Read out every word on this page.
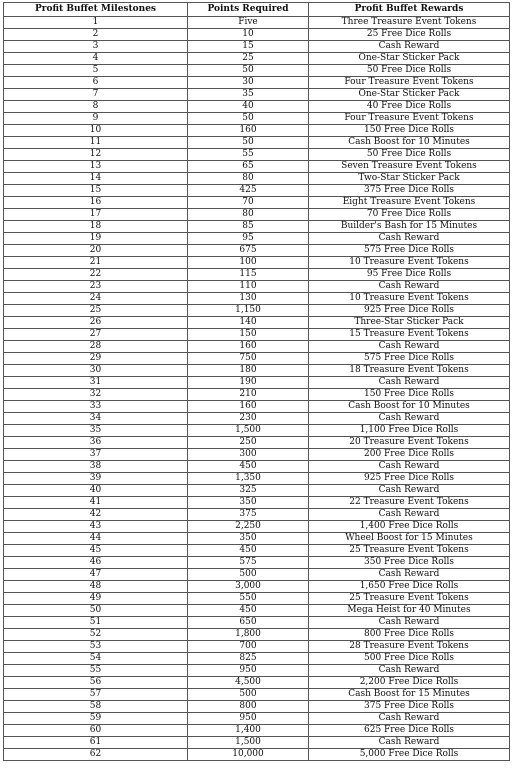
Profit Buffet Milestones	Points Required	Profit Buffet Rewards
1	Five	Three Treasure Event Tokens
2	10	25 Free Dice Rolls
3	15	Cash Reward
4	25	One-Star Sticker Pack
5	50	50 Free Dice Rolls
6	30	Four Treasure Event Tokens
7	35	One-Star Sticker Pack
8	40	40 Free Dice Rolls
9	50	Four Treasure Event Tokens
10	160	150 Free Dice Rolls
11	50	Cash Boost for 10 Minutes
12	55	50 Free Dice Rolls
13	65	Seven Treasure Event Tokens
14	80	Two-Star Sticker Pack
15	425	375 Free Dice Rolls
16	70	Eight Treasure Event Tokens
17	80	70 Free Dice Rolls
18	85	Builder's Bash for 15 Minutes
19	95	Cash Reward
20	675	575 Free Dice Rolls
21	100	10 Treasure Event Tokens
22	115	95 Free Dice Rolls
23	110	Cash Reward
24	130	10 Treasure Event Tokens
25	1,150	925 Free Dice Rolls
26	140	Three-Star Sticker Pack
27	150	15 Treasure Event Tokens
28	160	Cash Reward
29	750	575 Free Dice Rolls
30	180	18 Treasure Event Tokens
31	190	Cash Reward
32	210	150 Free Dice Rolls
33	160	Cash Boost for 10 Minutes
34	230	Cash Reward
35	1,500	1,100 Free Dice Rolls
36	250	20 Treasure Event Tokens
37	300	200 Free Dice Rolls
38	450	Cash Reward
39	1,350	925 Free Dice Rolls
40	325	Cash Reward
41	350	22 Treasure Event Tokens
42	375	Cash Reward
43	2,250	1,400 Free Dice Rolls
44	350	Wheel Boost for 15 Minutes
45	450	25 Treasure Event Tokens
46	575	350 Free Dice Rolls
47	500	Cash Reward
48	3,000	1,650 Free Dice Rolls
49	550	25 Treasure Event Tokens
50	450	Mega Heist for 40 Minutes
51	650	Cash Reward
52	1,800	800 Free Dice Rolls
53	700	28 Treasure Event Tokens
54	825	500 Free Dice Rolls
55	950	Cash Reward
56	4,500	2,200 Free Dice Rolls
57	500	Cash Boost for 15 Minutes
58	800	375 Free Dice Rolls
59	950	Cash Reward
60	1,400	625 Free Dice Rolls
61	1,500	Cash Reward
62	10,000	5,000 Free Dice Rolls
